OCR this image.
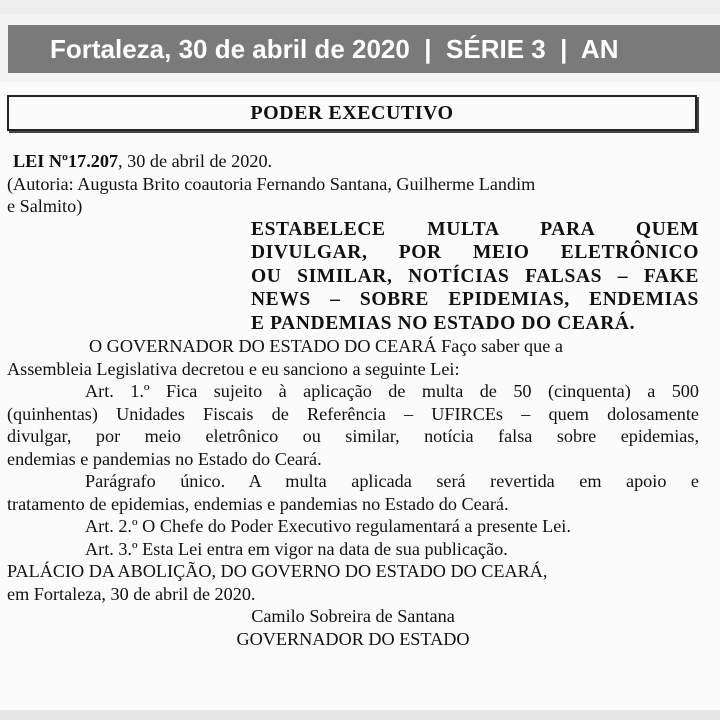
Fortaleza, 30 de abril de 2020  |  SÉRIE 3  |  AN
PODER EXECUTIVO
LEI Nº17.207, 30 de abril de 2020.
(Autoria: Augusta Brito coautoria Fernando Santana, Guilherme Landim
e Salmito)
ESTABELECE MULTA PARA QUEM
DIVULGAR, POR MEIO ELETRÔNICO
OU SIMILAR, NOTÍCIAS FALSAS – FAKE
NEWS – SOBRE EPIDEMIAS, ENDEMIAS
E PANDEMIAS NO ESTADO DO CEARÁ.
O GOVERNADOR DO ESTADO DO CEARÁ Faço saber que a
Assembleia Legislativa decretou e eu sanciono a seguinte Lei:
Art. 1.º Fica sujeito à aplicação de multa de 50 (cinquenta) a 500
(quinhentas) Unidades Fiscais de Referência – UFIRCEs – quem dolosamente
divulgar, por meio eletrônico ou similar, notícia falsa sobre epidemias,
endemias e pandemias no Estado do Ceará.
Parágrafo único. A multa aplicada será revertida em apoio e
tratamento de epidemias, endemias e pandemias no Estado do Ceará.
Art. 2.º O Chefe do Poder Executivo regulamentará a presente Lei.
Art. 3.º Esta Lei entra em vigor na data de sua publicação.
PALÁCIO DA ABOLIÇÃO, DO GOVERNO DO ESTADO DO CEARÁ,
em Fortaleza, 30 de abril de 2020.
Camilo Sobreira de Santana
GOVERNADOR DO ESTADO
